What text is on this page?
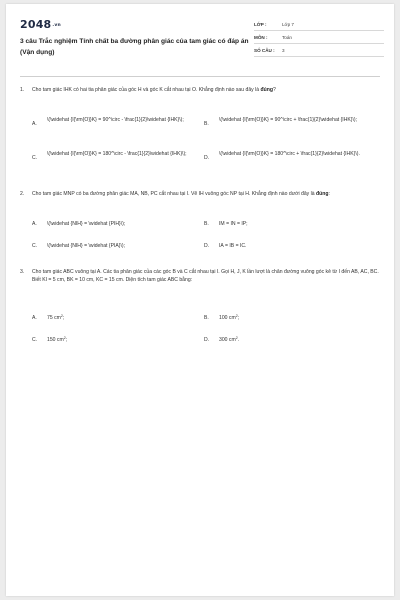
2048.vn
3 câu Trắc nghiệm Tính chất ba đường phân giác của tam giác có đáp án (Vận dụng)
LỚP :	Lớp 7
MÔN :	Toán
SỐ CÂU :	3
1.	Cho tam giác IHK có hai tia phân giác của góc H và góc K cắt nhau tại O. Khẳng định nào sau đây là đúng?
A.
\(\widehat {I{\rm{O}}K} = 90^\circ - \frac{1}{2}\widehat {IHK}\);
B.
\(\widehat {I{\rm{O}}K} = 90^\circ + \frac{1}{2}\widehat {IHK}\);
C.
\(\widehat {I{\rm{O}}K} = 180^\circ - \frac{1}{2}\widehat {IHK}\);
D.
\(\widehat {I{\rm{O}}K} = 180^\circ + \frac{1}{2}\widehat {IHK}\).
2.	Cho tam giác MNP có ba đường phân giác MA, NB, PC cắt nhau tại I. Vẽ IH vuông góc NP tại H. Khẳng định nào dưới đây là đúng:
A.	\(\widehat {NIH} = \widehat {PIH}\);	B.	IM = IN = IP;
C.	\(\widehat {NIH} = \widehat {PIA}\);	D.	IA = IB = IC.
3.	Cho tam giác ABC vuông tại A. Các tia phân giác của các góc B và C cắt nhau tại I. Gọi H, J, K lần lượt là chân đường vuông góc kẻ từ I đến AB, AC, BC. Biết KI = 5 cm, BK = 10 cm, KC = 15 cm. Diện tích tam giác ABC bằng:
A.	75 $cm^2$;	B.	100 $cm^2$;
C.	150 $cm^2$;	D.	300 $cm^2$.
